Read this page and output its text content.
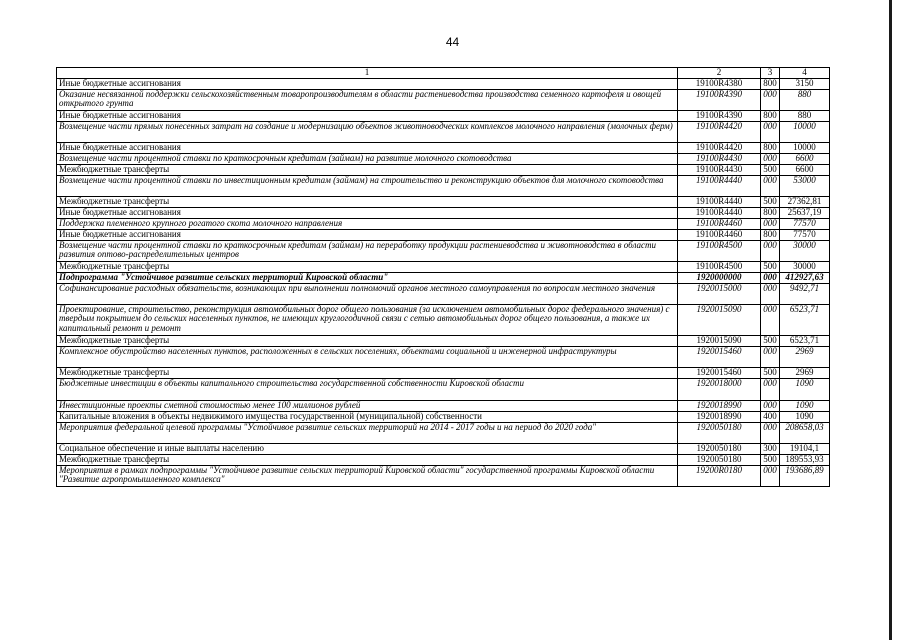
44
1	2	3	4
Иные бюджетные ассигнования	19100R4380	800	3150
Оказание несвязанной поддержки сельскохозяйственным товаропроизводителям в области растениеводства производства семенного картофеля и овощей открытого грунта	19100R4390	000	880
Иные бюджетные ассигнования	19100R4390	800	880
Возмещение части прямых понесенных затрат на создание и модернизацию объектов животноводческих комплексов молочного направления (молочных ферм)	19100R4420	000	10000
Иные бюджетные ассигнования	19100R4420	800	10000
Возмещение части процентной ставки по краткосрочным кредитам (займам) на развитие молочного скотоводства	19100R4430	000	6600
Межбюджетные трансферты	19100R4430	500	6600
Возмещение части процентной ставки по инвестиционным кредитам (займам) на строительство и реконструкцию объектов для молочного скотоводства	19100R4440	000	53000
Межбюджетные трансферты	19100R4440	500	27362,81
Иные бюджетные ассигнования	19100R4440	800	25637,19
Поддержка племенного крупного рогатого скота молочного направления	19100R4460	000	77570
Иные бюджетные ассигнования	19100R4460	800	77570
Возмещение части процентной ставки по краткосрочным кредитам (займам) на переработку продукции растениеводства и животноводства в области развития оптово-распределительных центров	19100R4500	000	30000
Межбюджетные трансферты	19100R4500	500	30000
Подпрограмма "Устойчивое развитие сельских территорий Кировской области"	1920000000	000	412927,63
Софинансирование расходных обязательств, возникающих при выполнении полномочий органов местного самоуправления по вопросам местного значения	1920015000	000	9492,71
Проектирование, строительство, реконструкция автомобильных дорог общего пользования (за исключением автомобильных дорог федерального значения) с твердым покрытием до сельских населенных пунктов, не имеющих круглогодичной связи с сетью автомобильных дорог общего пользования, а также их капитальный ремонт и ремонт	1920015090	000	6523,71
Межбюджетные трансферты	1920015090	500	6523,71
Комплексное обустройство населенных пунктов, расположенных в сельских поселениях, объектами социальной и инженерной инфраструктуры	1920015460	000	2969
Межбюджетные трансферты	1920015460	500	2969
Бюджетные инвестиции в объекты капитального строительства государственной собственности Кировской области	1920018000	000	1090
Инвестиционные проекты сметной стоимостью менее 100 миллионов рублей	1920018990	000	1090
Капитальные вложения в объекты недвижимого имущества государственной (муниципальной) собственности	1920018990	400	1090
Мероприятия федеральной целевой программы "Устойчивое развитие сельских территорий на 2014 - 2017 годы и на период до 2020 года"	1920050180	000	208658,03
Социальное обеспечение и иные выплаты населению	1920050180	300	19104,1
Межбюджетные трансферты	1920050180	500	189553,93
Мероприятия в рамках подпрограммы "Устойчивое развитие сельских территорий Кировской области" государственной программы Кировской области "Развитие агропромышленного комплекса"	19200R0180	000	193686,89
